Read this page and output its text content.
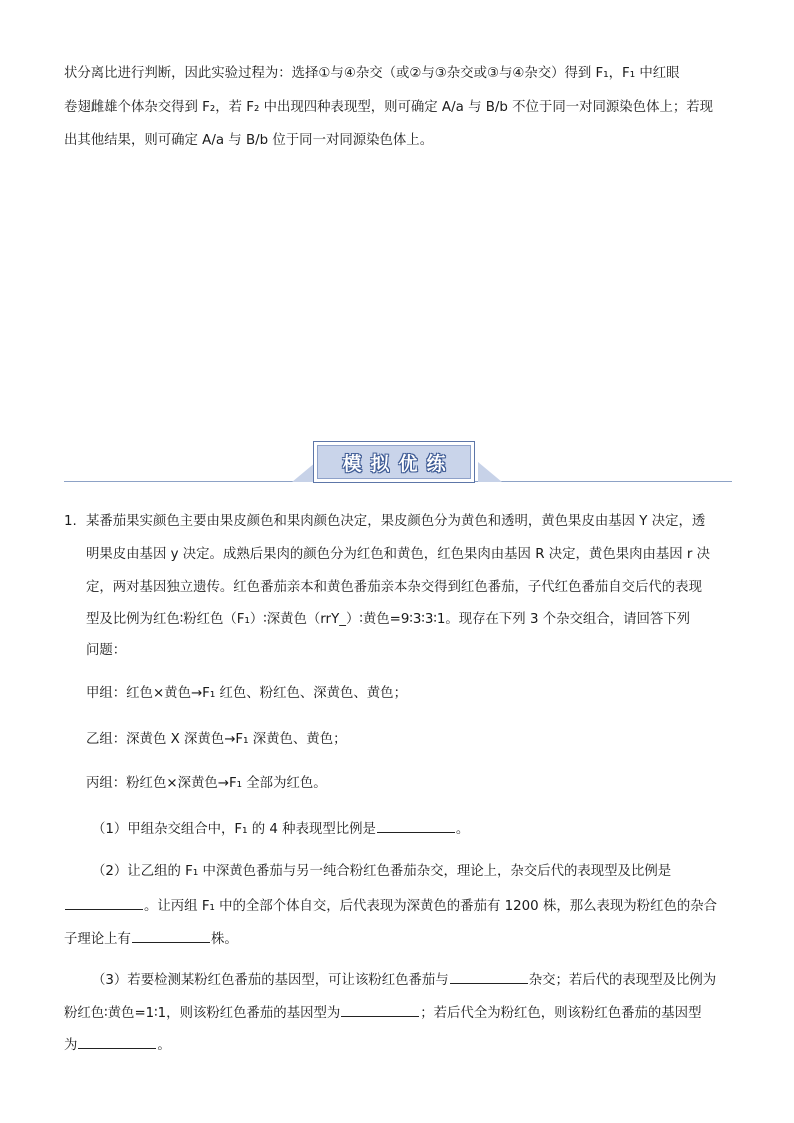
状分离比进行判断，因此实验过程为：选择①与④杂交（或②与③杂交或③与④杂交）得到 F₁，F₁ 中红眼
卷翅雌雄个体杂交得到 F₂，若 F₂ 中出现四种表现型，则可确定 A/a 与 B/b 不位于同一对同源染色体上；若现
出其他结果，则可确定 A/a 与 B/b 位于同一对同源染色体上。
模拟优练
1. 某番茄果实颜色主要由果皮颜色和果肉颜色决定，果皮颜色分为黄色和透明，黄色果皮由基因 Y 决定，透
明果皮由基因 y 决定。成熟后果肉的颜色分为红色和黄色，红色果肉由基因 R 决定，黄色果肉由基因 r 决
定，两对基因独立遗传。红色番茄亲本和黄色番茄亲本杂交得到红色番茄，子代红色番茄自交后代的表现
型及比例为红色∶粉红色（F₁）∶深黄色（rrY_）∶黄色=9∶3∶3∶1。现存在下列 3 个杂交组合，请回答下列
问题：
甲组：红色×黄色→F₁ 红色、粉红色、深黄色、黄色；
乙组：深黄色 X 深黄色→F₁ 深黄色、黄色；
丙组：粉红色×深黄色→F₁ 全部为红色。
（1）甲组杂交组合中，F₁ 的 4 种表现型比例是	。
（2）让乙组的 F₁ 中深黄色番茄与另一纯合粉红色番茄杂交，理论上，杂交后代的表现型及比例是
。让丙组 F₁ 中的全部个体自交，后代表现为深黄色的番茄有 1200 株，那么表现为粉红色的杂合
子理论上有	株。
（3）若要检测某粉红色番茄的基因型，可让该粉红色番茄与	杂交；若后代的表现型及比例为
粉红色∶黄色=1∶1，则该粉红色番茄的基因型为	；若后代全为粉红色，则该粉红色番茄的基因型
为	。
